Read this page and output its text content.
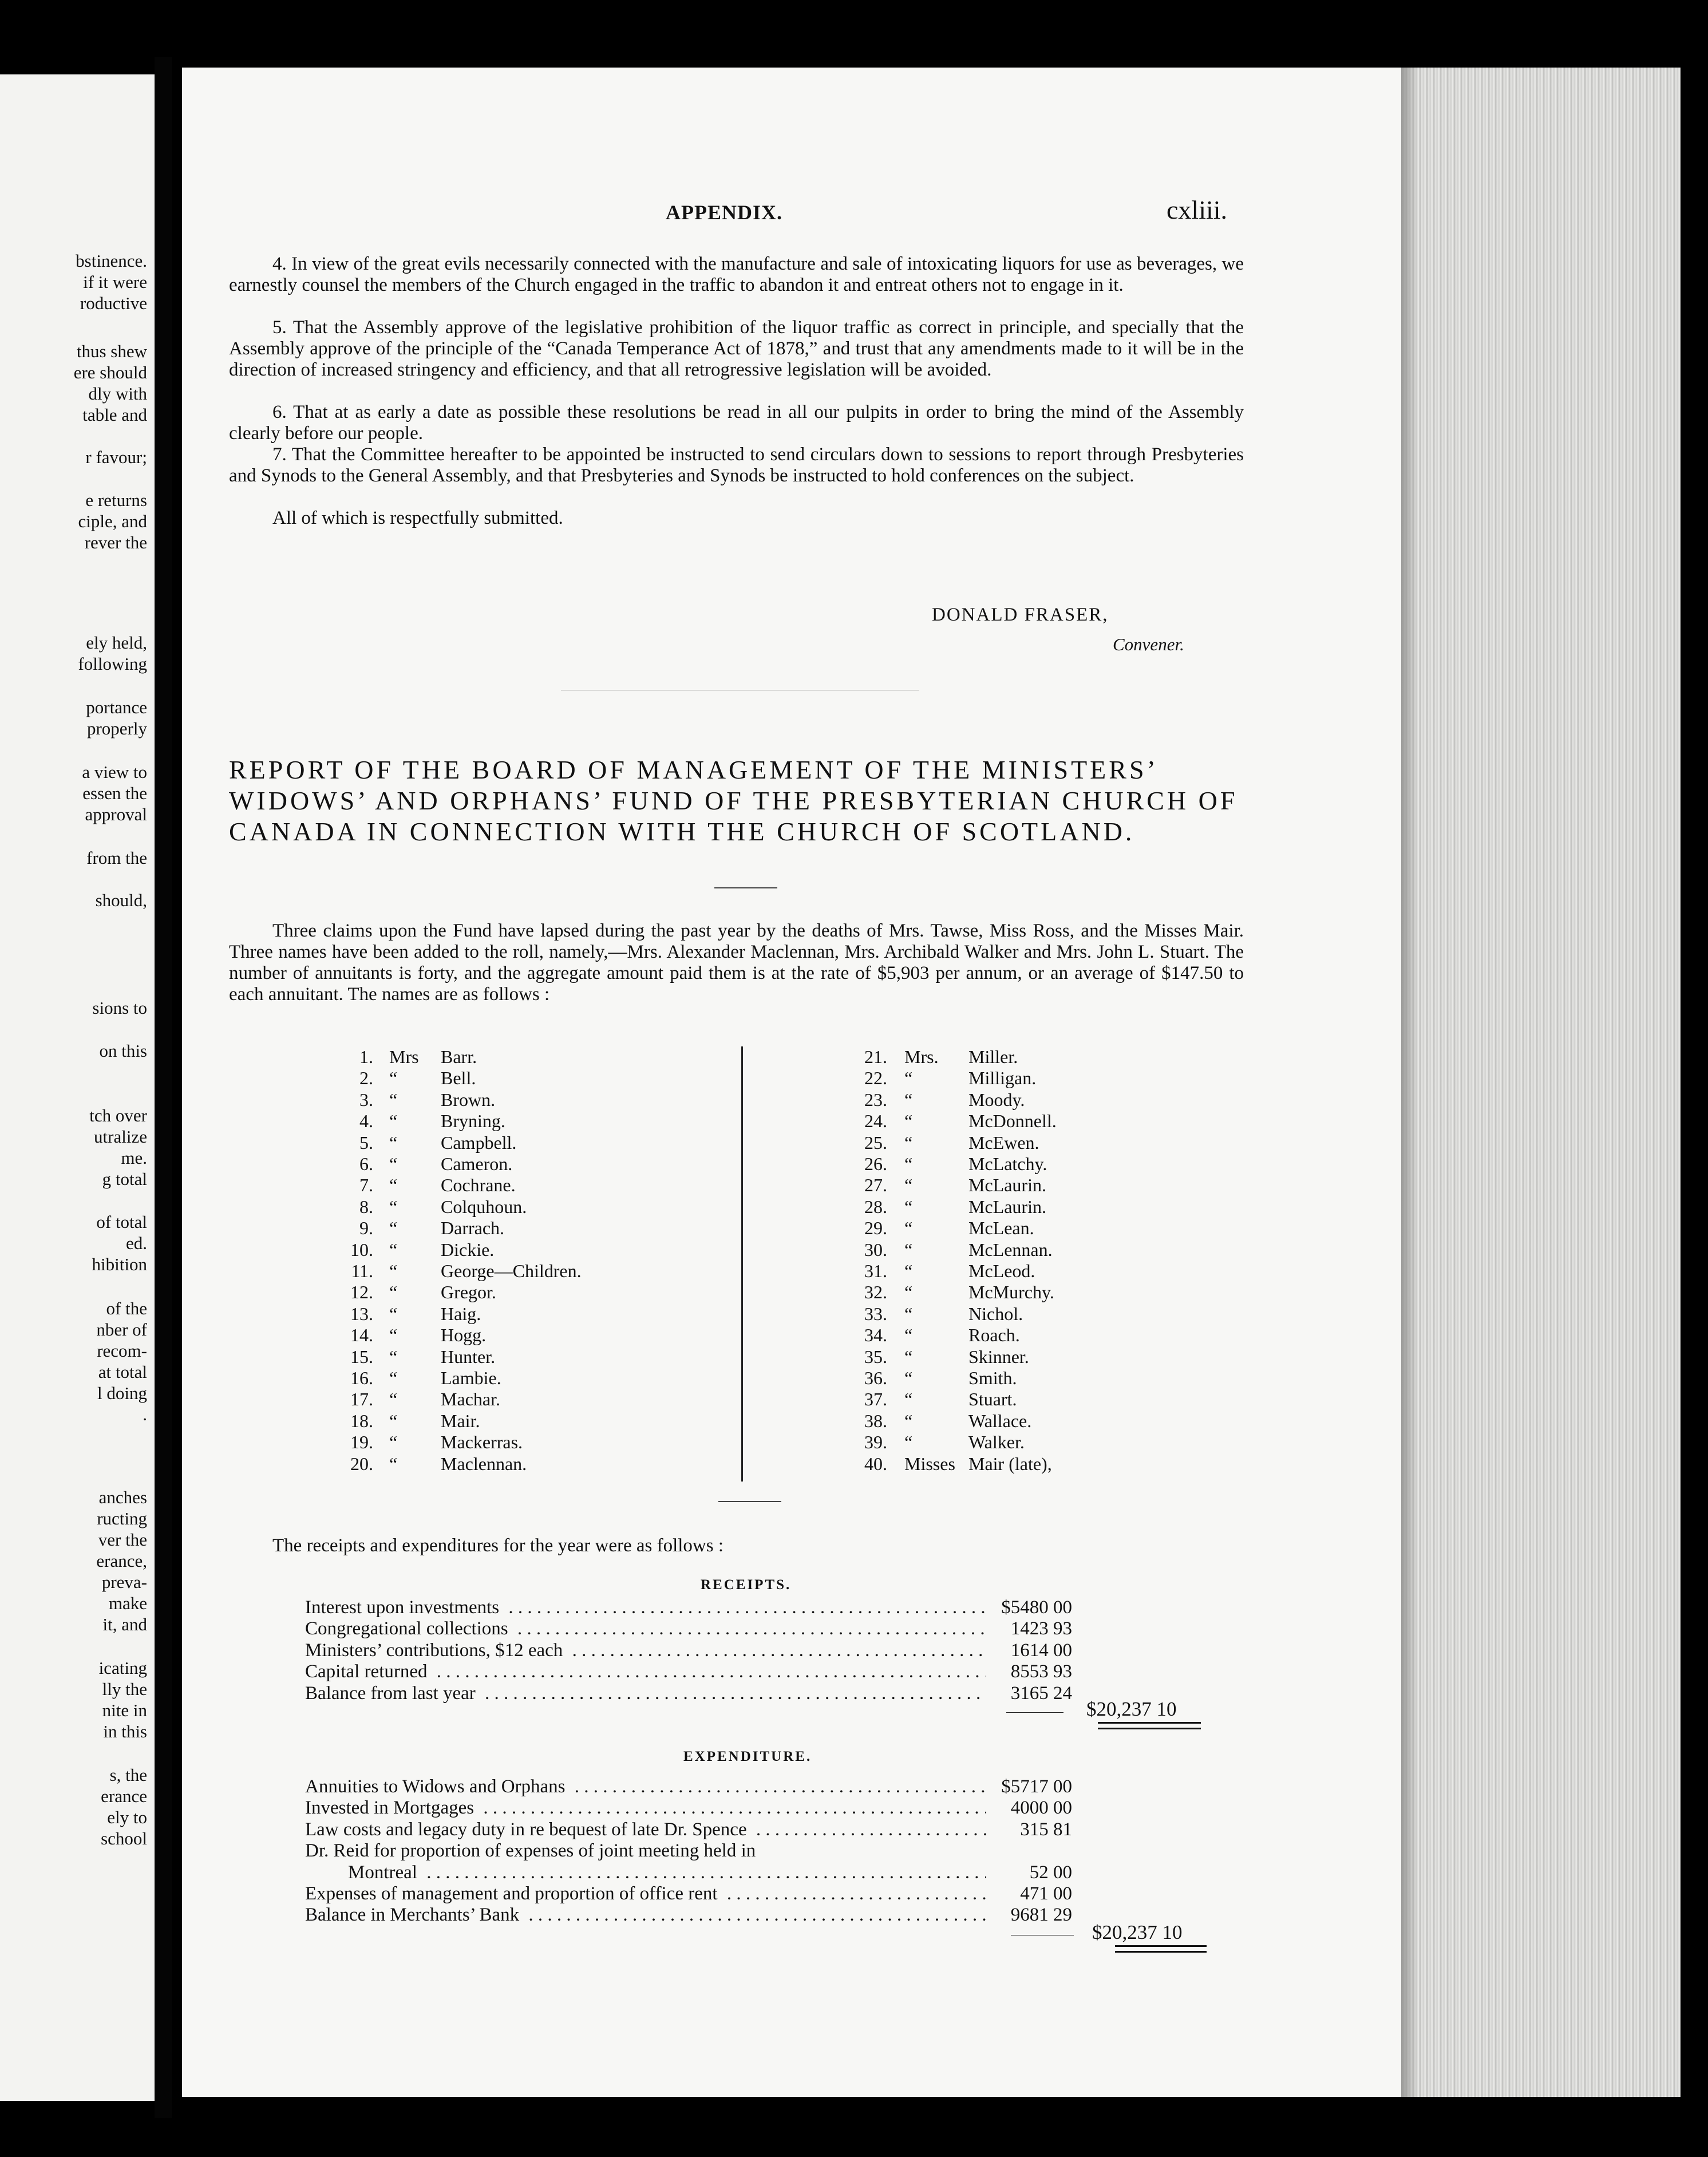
bstinence.
if it were
roductive
thus shew
ere should
dly with
table and
r favour;
e returns
ciple, and
rever the
ely held,
following
portance
properly
a view to
essen the
approval
from the
should,
sions to
on this
tch over
utralize
me.
g total
of total
ed.
hibition
of the
nber of
recom-
at total
l doing
.
anches
ructing
ver the
erance,
preva-
make
it, and
icating
lly the
nite in
in this
s, the
erance
ely to
school
APPENDIX.	cxliii.

4. In view of the great evils necessarily connected with the manufacture and sale of intoxicating liquors for use as beverages, we earnestly counsel the members of the Church engaged in the traffic to abandon it and entreat others not to engage in it.

5. That the Assembly approve of the legislative prohibition of the liquor traffic as correct in principle, and specially that the Assembly approve of the principle of the “Canada Temperance Act of 1878,” and trust that any amendments made to it will be in the direction of increased stringency and efficiency, and that all retrogressive legislation will be avoided.

6. That at as early a date as possible these resolutions be read in all our pulpits in order to bring the mind of the Assembly clearly before our people.

7. That the Committee hereafter to be appointed be instructed to send circulars down to sessions to report through Presbyteries and Synods to the General Assembly, and that Presbyteries and Synods be instructed to hold conferences on the subject.

All of which is respectfully submitted.

DONALD FRASER,
Convener.
REPORT OF THE BOARD OF MANAGEMENT OF THE MINISTERS’ WIDOWS’ AND ORPHANS’ FUND OF THE PRESBYTERIAN CHURCH OF CANADA IN CONNECTION WITH THE CHURCH OF SCOTLAND.

Three claims upon the Fund have lapsed during the past year by the deaths of Mrs. Tawse, Miss Ross, and the Misses Mair. Three names have been added to the roll, namely,—Mrs. Alexander Maclennan, Mrs. Archibald Walker and Mrs. John L. Stuart. The number of annuitants is forty, and the aggregate amount paid them is at the rate of $5,903 per annum, or an average of $147.50 to each annuitant. The names are as follows :

1. Mrs Barr.
2. “ Bell.
3. “ Brown.
4. “ Bryning.
5. “ Campbell.
6. “ Cameron.
7. “ Cochrane.
8. “ Colquhoun.
9. “ Darrach.
10. “ Dickie.
11. “ George—Children.
12. “ Gregor.
13. “ Haig.
14. “ Hogg.
15. “ Hunter.
16. “ Lambie.
17. “ Machar.
18. “ Mair.
19. “ Mackerras.
20. “ Maclennan.
21. Mrs. Miller.
22. “	Milligan.
23. “	Moody.
24. “	McDonnell.
25. “	McEwen.
26. “	McLatchy.
27. “	McLaurin.
28. “	McLaurin.
29. “	McLean.
30. “	McLennan.
31. “	McLeod.
32. “	McMurchy.
33. “	Nichol.
34. “	Roach.
35. “	Skinner.
36. “	Smith.
37. “	Stuart.
38. “	Wallace.
39. “	Walker.
40. Misses Mair (late),

The receipts and expenditures for the year were as follows :

RECEIPTS.
Interest upon investments . . .	$5480 00
Congregational collections . . .	1423 93
Ministers’ contributions, $12 each . . .	1614 00
Capital returned . . .	8553 93
Balance from last year . . .	3165 24
$20,237 10
EXPENDITURE.
Annuities to Widows and Orphans . . .	$5717 00
Invested in Mortgages . . .	4000 00
Law costs and legacy duty in re bequest of late Dr. Spence . . .	315 81
Dr. Reid for proportion of expenses of joint meeting held in
Montreal . . .	52 00
Expenses of management and proportion of office rent . . .	471 00
Balance in Merchants’ Bank . . .	9681 29
$20,237 10
